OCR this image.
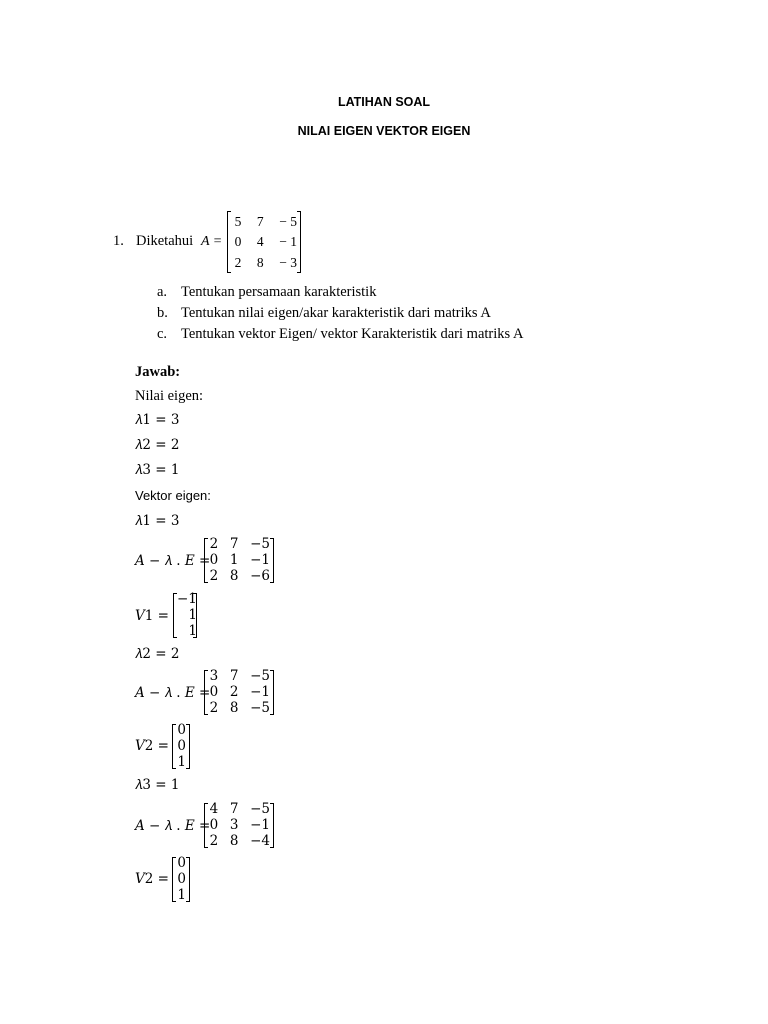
LATIHAN SOAL
NILAI EIGEN VEKTOR EIGEN
1. Diketahui A =
5 7 − 5
0 4 − 1
2 8 − 3
a. Tentukan persamaan karakteristik
b. Tentukan nilai eigen/akar karakteristik dari matriks A
c. Tentukan vektor Eigen/ vektor Karakteristik dari matriks A
Jawab:
Nilai eigen:
𝜆1 = 3
𝜆2 = 2
𝜆3 = 1
Vektor eigen:
𝜆1 = 3
𝐴 − 𝜆 . 𝐸 =
2 7 −5
0 1 −1
2 8 −6
𝑉1 =
−1
1
1
𝜆2 = 2
𝐴 − 𝜆 . 𝐸 =
3 7 −5
0 2 −1
2 8 −5
𝑉2 =
0
0
1
𝜆3 = 1
𝐴 − 𝜆 . 𝐸 =
4 7 −5
0 3 −1
2 8 −4
𝑉2 =
0
0
1
